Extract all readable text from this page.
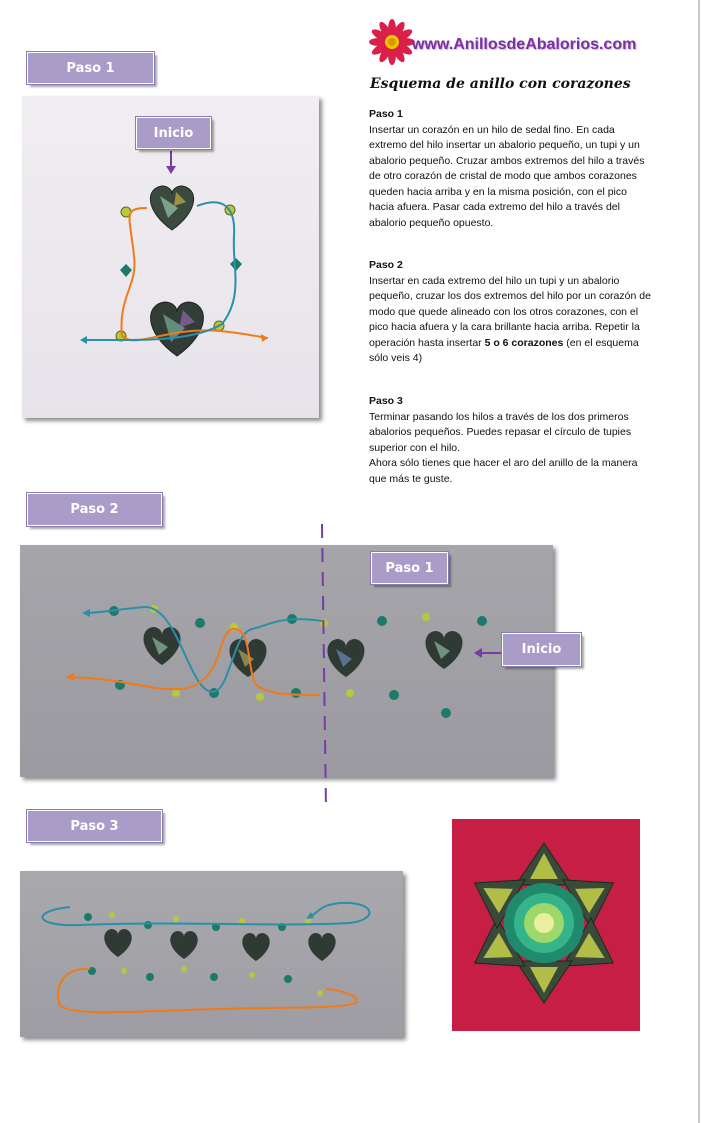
www.AnillosdeAbalorios.com
Esquema de anillo con corazones
Paso 1

Insertar un corazón en un hilo de sedal fino. En cada extremo del hilo insertar un abalorio pequeño, un tupi y un abalorio pequeño. Cruzar ambos extremos del hilo a través de otro corazón de cristal de modo que ambos corazones queden hacia arriba y en la misma posición, con el pico hacia afuera. Pasar cada extremo del hilo a través del abalorio pequeño opuesto.

Paso 2

Insertar en cada extremo del hilo un tupi y un abalorio pequeño, cruzar los dos extremos del hilo por un corazón de modo que quede alineado con los otros corazones, con el pico hacia afuera y la cara brillante hacia arriba. Repetir la operación hasta insertar 5 o 6 corazones (en el esquema sólo veis 4)

Paso 3

Terminar pasando los hilos a través de los dos primeros abalorios pequeños. Puedes repasar el círculo de tupies superior con el hilo.

Ahora sólo tienes que hacer el aro del anillo de la manera que más te guste.

Paso 1
Inicio
Paso 2
Paso 1
Inicio
Paso 3
